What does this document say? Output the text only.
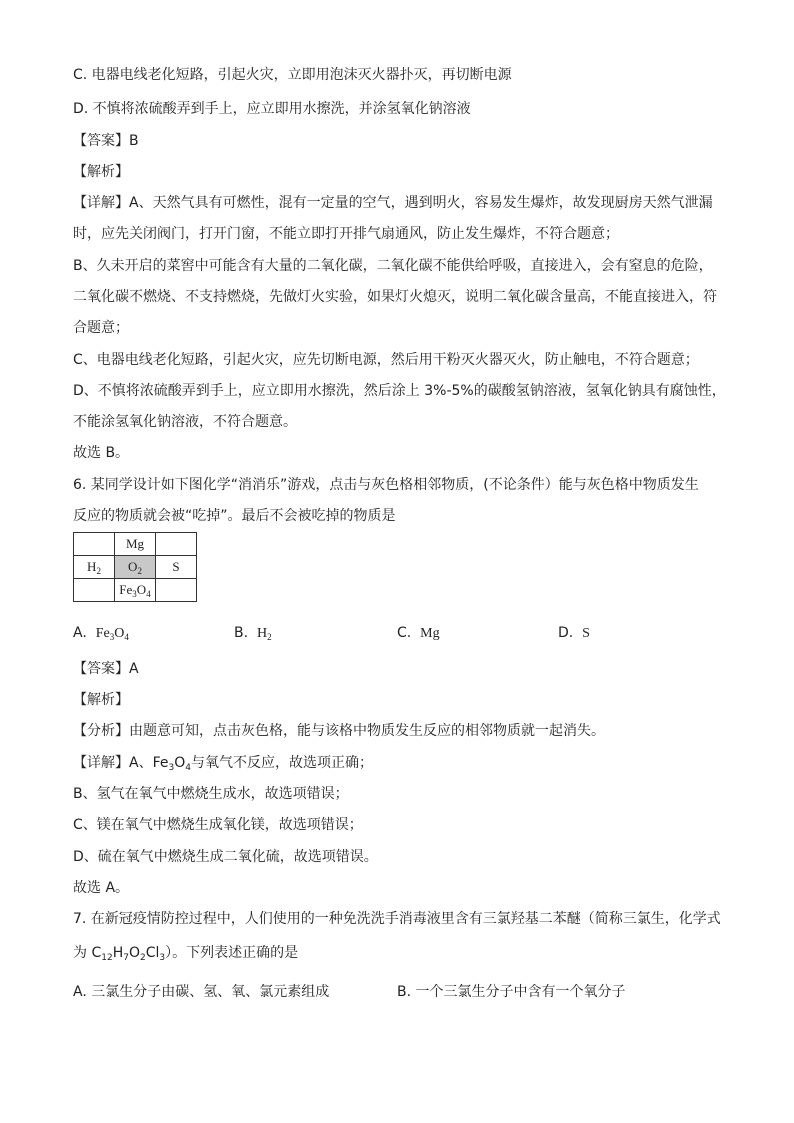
C. 电器电线老化短路，引起火灾，立即用泡沫灭火器扑灭，再切断电源
D. 不慎将浓硫酸弄到手上，应立即用水擦洗，并涂氢氧化钠溶液
【答案】B
【解析】
【详解】A、天然气具有可燃性，混有一定量的空气，遇到明火，容易发生爆炸，故发现厨房天然气泄漏
时，应先关闭阀门，打开门窗，不能立即打开排气扇通风，防止发生爆炸，不符合题意；
B、久未开启的菜窖中可能含有大量的二氧化碳，二氧化碳不能供给呼吸，直接进入，会有窒息的危险，
二氧化碳不燃烧、不支持燃烧，先做灯火实验，如果灯火熄灭，说明二氧化碳含量高，不能直接进入，符
合题意；
C、电器电线老化短路，引起火灾，应先切断电源，然后用干粉灭火器灭火，防止触电，不符合题意；
D、不慎将浓硫酸弄到手上，应立即用水擦洗，然后涂上 3%-5%的碳酸氢钠溶液，氢氧化钠具有腐蚀性，
不能涂氢氧化钠溶液，不符合题意。
故选 B。
6. 某同学设计如下图化学“消消乐”游戏，点击与灰色格相邻物质，(不论条件）能与灰色格中物质发生
反应的物质就会被“吃掉”。最后不会被吃掉的物质是
	Mg	
$H_2$	$O_2$	S
	$Fe_3O_4$	
A. $Fe_3O_4$	B. $H_2$	C. Mg	D. S
【答案】A
【解析】
【分析】由题意可知，点击灰色格，能与该格中物质发生反应的相邻物质就一起消失。
【详解】A、$Fe_3O_4$与氧气不反应，故选项正确；
B、氢气在氧气中燃烧生成水，故选项错误；
C、镁在氧气中燃烧生成氧化镁，故选项错误；
D、硫在氧气中燃烧生成二氧化硫，故选项错误。
故选 A。
7. 在新冠疫情防控过程中，人们使用的一种免洗洗手消毒液里含有三氯羟基二苯醚（简称三氯生，化学式
为 $C_{12}H_7O_2Cl_3$）。下列表述正确的是
A. 三氯生分子由碳、氢、氧、氯元素组成	B. 一个三氯生分子中含有一个氧分子
